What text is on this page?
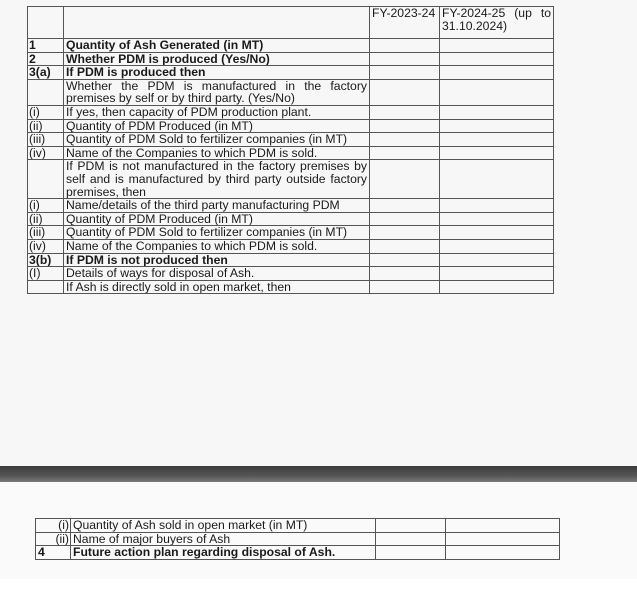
		FY-2023-24	FY-2024-25 (up to 31.10.2024)
1	Quantity of Ash Generated (in MT)		
2	Whether PDM is produced (Yes/No)		
3(a)	If PDM is produced then		
	Whether the PDM is manufactured in the factory premises by self or by third party. (Yes/No)		
(i)	If yes, then capacity of PDM production plant.		
(ii)	Quantity of PDM Produced (in MT)		
(iii)	Quantity of PDM Sold to fertilizer companies (in MT)		
(iv)	Name of the Companies to which PDM is sold.		
	If PDM is not manufactured in the factory premises by self and is manufactured by third party outside factory premises, then		
(i)	Name/details of the third party manufacturing PDM		
(ii)	Quantity of PDM Produced (in MT)		
(iii)	Quantity of PDM Sold to fertilizer companies (in MT)		
(iv)	Name of the Companies to which PDM is sold.		
3(b)	If PDM is not produced then		
(I)	Details of ways for disposal of Ash.		
	If Ash is directly sold in open market, then		
(i)	Quantity of Ash sold in open market (in MT)		
(ii)	Name of major buyers of Ash		
4	Future action plan regarding disposal of Ash.		
